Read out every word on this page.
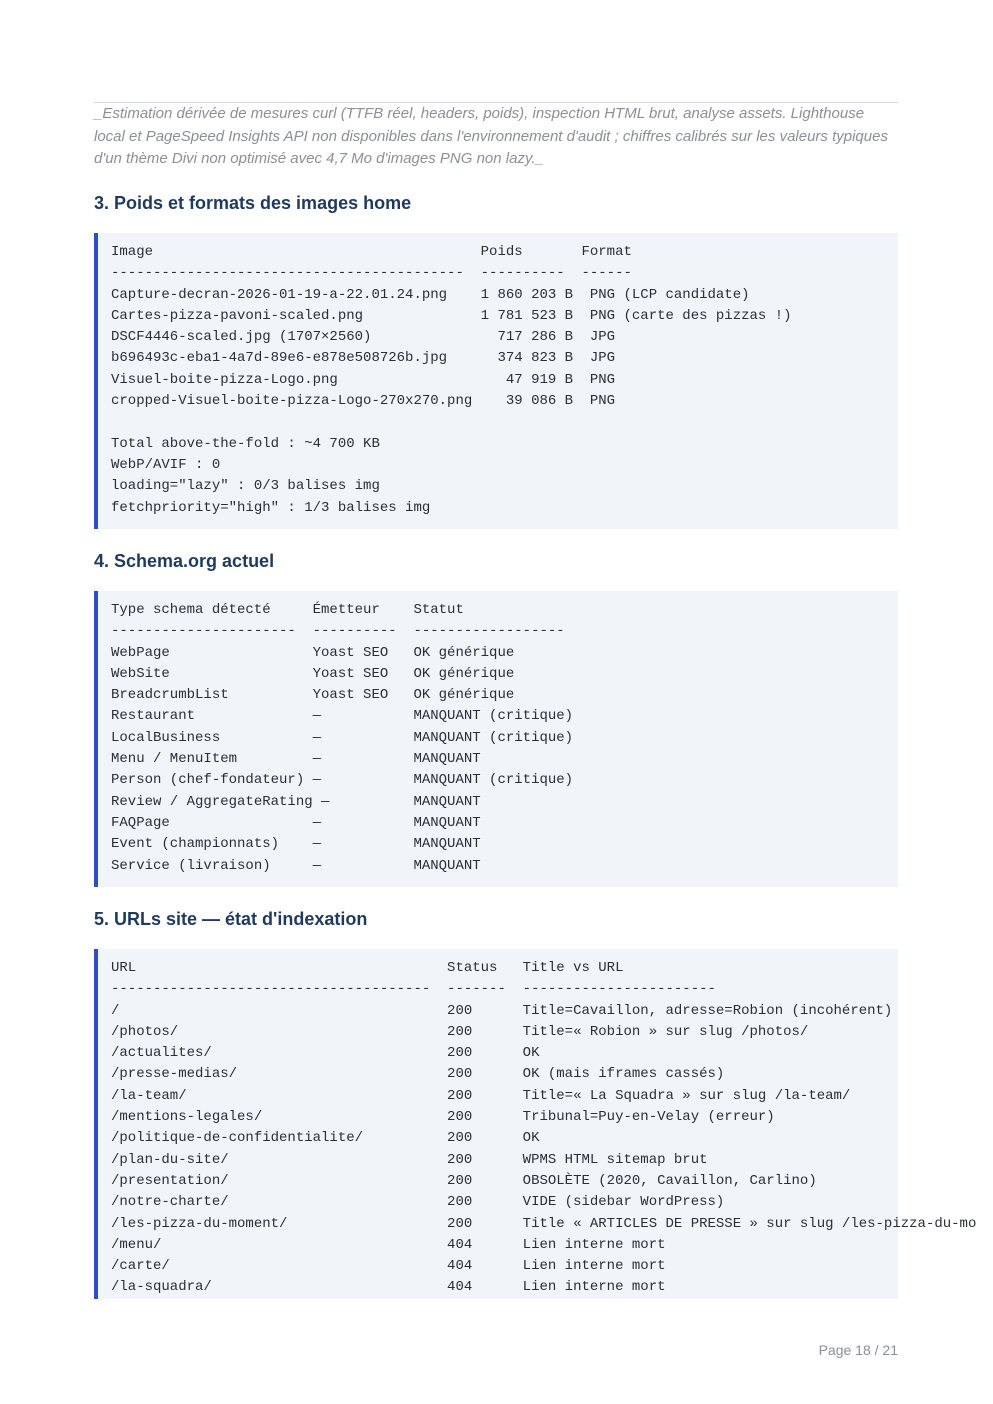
_Estimation dérivée de mesures curl (TTFB réel, headers, poids), inspection HTML brut, analyse assets. Lighthouse local et PageSpeed Insights API non disponibles dans l'environnement d'audit ; chiffres calibrés sur les valeurs typiques d'un thème Divi non optimisé avec 4,7 Mo d'images PNG non lazy._

3. Poids et formats des images home
Image                                       Poids       Format
------------------------------------------  ----------  ------
Capture-decran-2026-01-19-a-22.01.24.png    1 860 203 B  PNG (LCP candidate)
Cartes-pizza-pavoni-scaled.png              1 781 523 B  PNG (carte des pizzas !)
DSCF4446-scaled.jpg (1707×2560)               717 286 B  JPG
b696493c-eba1-4a7d-89e6-e878e508726b.jpg      374 823 B  JPG
Visuel-boite-pizza-Logo.png                    47 919 B  PNG
cropped-Visuel-boite-pizza-Logo-270x270.png    39 086 B  PNG
Total above-the-fold : ~4 700 KB
WebP/AVIF : 0
loading="lazy" : 0/3 balises img
fetchpriority="high" : 1/3 balises img
4. Schema.org actuel
Type schema détecté     Émetteur    Statut
----------------------  ----------  ------------------
WebPage                 Yoast SEO   OK générique
WebSite                 Yoast SEO   OK générique
BreadcrumbList          Yoast SEO   OK générique
Restaurant              —           MANQUANT (critique)
LocalBusiness           —           MANQUANT (critique)
Menu / MenuItem         —           MANQUANT
Person (chef-fondateur) —           MANQUANT (critique)
Review / AggregateRating —          MANQUANT
FAQPage                 —           MANQUANT
Event (championnats)    —           MANQUANT
Service (livraison)     —           MANQUANT
5. URLs site — état d'indexation
URL                                     Status   Title vs URL
--------------------------------------  -------  -----------------------
/                                       200      Title=Cavaillon, adresse=Robion (incohérent)
/photos/                                200      Title=« Robion » sur slug /photos/
/actualites/                            200      OK
/presse-medias/                         200      OK (mais iframes cassés)
/la-team/                               200      Title=« La Squadra » sur slug /la-team/
/mentions-legales/                      200      Tribunal=Puy-en-Velay (erreur)
/politique-de-confidentialite/          200      OK
/plan-du-site/                          200      WPMS HTML sitemap brut
/presentation/                          200      OBSOLÈTE (2020, Cavaillon, Carlino)
/notre-charte/                          200      VIDE (sidebar WordPress)
/les-pizza-du-moment/                   200      Title « ARTICLES DE PRESSE » sur slug /les-pizza-du-mo
/menu/                                  404      Lien interne mort
/carte/                                 404      Lien interne mort
/la-squadra/                            404      Lien interne mort
Page 18 / 21
